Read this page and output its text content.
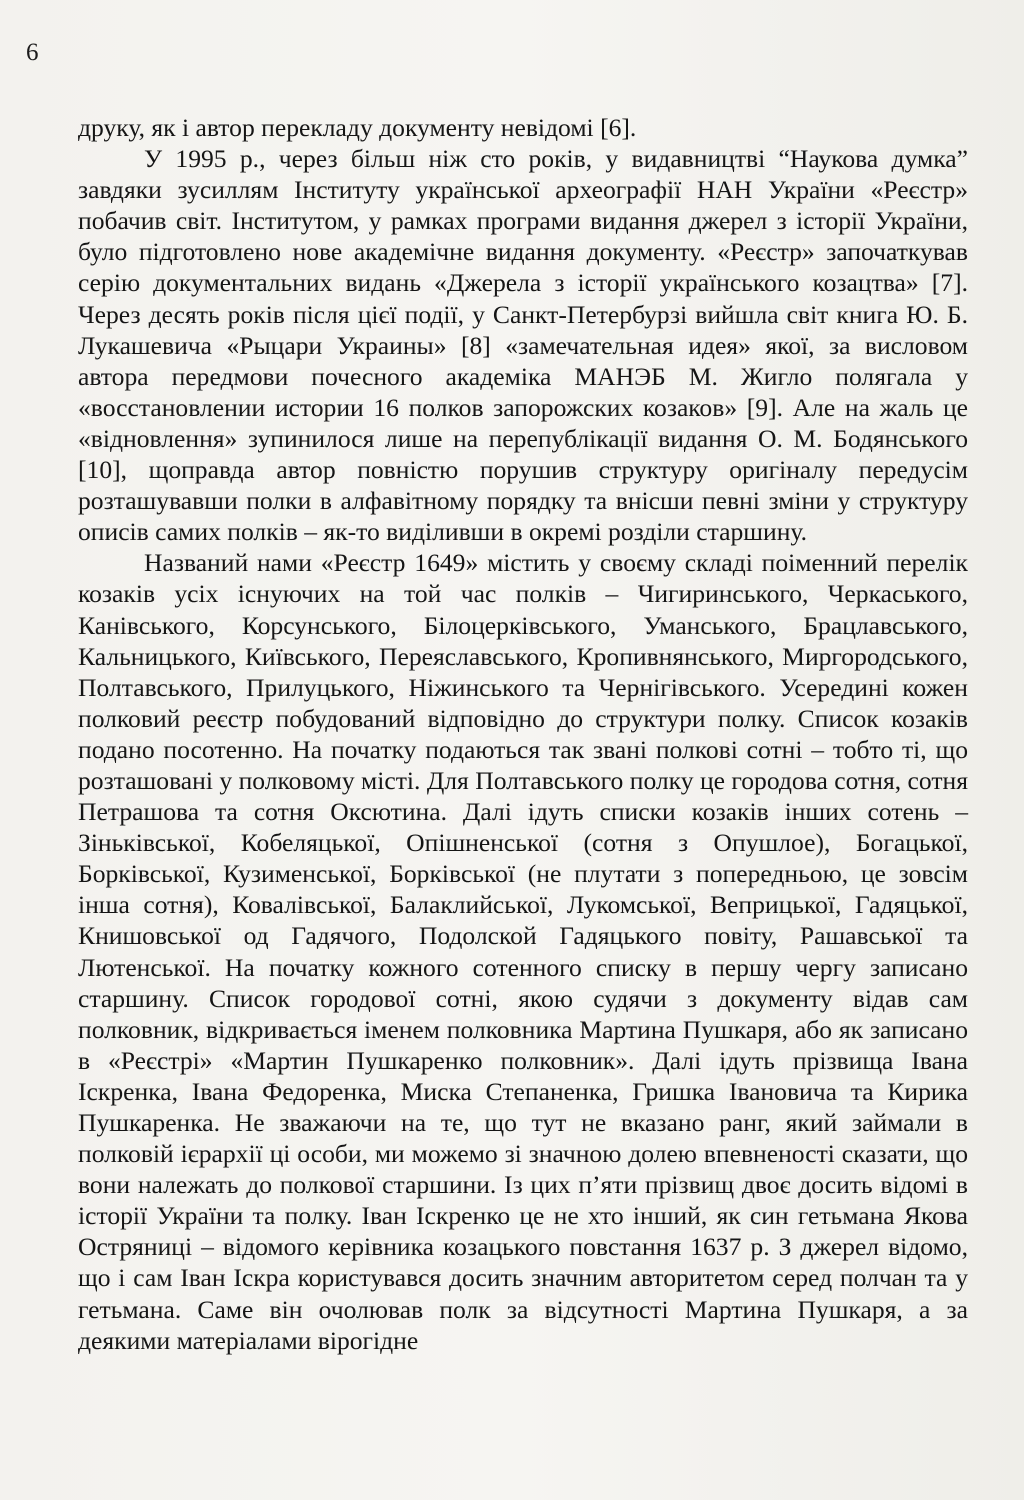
6

друку, як і автор перекладу документу невідомі [6].

У 1995 р., через більш ніж сто років, у видавництві “Наукова думка” завдяки зусиллям Інституту української археографії НАН України «Реєстр» побачив світ. Інститутом, у рамках програми видання джерел з історії України, було підготовлено нове академічне видання документу. «Реєстр» започаткував серію документальних видань «Джерела з історії українського козацтва» [7]. Через десять років після цієї події, у Санкт-Петербурзі вийшла світ книга Ю. Б. Лукашевича «Рыцари Украины» [8] «замечательная идея» якої, за висловом автора передмови почесного академіка МАНЭБ М. Жигло полягала у «восстановлении истории 16 полков запорожских козаков» [9]. Але на жаль це «відновлення» зупинилося лише на перепублікації видання О. М. Бодянського [10], щоправда автор повністю порушив структуру оригіналу передусім розташувавши полки в алфавітному порядку та внісши певні зміни у структуру описів самих полків – як-то виділивши в окремі розділи старшину.

Названий нами «Реєстр 1649» містить у своєму складі поіменний перелік козаків усіх існуючих на той час полків – Чигиринського, Черкаського, Канівського, Корсунського, Білоцерківського, Уманського, Брацлавського, Кальницького, Київського, Переяславського, Кропивнянського, Миргородського, Полтавського, Прилуцького, Ніжинського та Чернігівського. Усередині кожен полковий реєстр побудований відповідно до структури полку. Список козаків подано посотенно. На початку подаються так звані полкові сотні – тобто ті, що розташовані у полковому місті. Для Полтавського полку це городова сотня, сотня Петрашова та сотня Оксютина. Далі ідуть списки козаків інших сотень – Зіньківської, Кобеляцької, Опішненської (сотня з Опушлое), Богацької, Борківської, Кузименської, Борківської (не плутати з попередньою, це зовсім інша сотня), Ковалівської, Балаклийської, Лукомської, Веприцької, Гадяцької, Книшовської од Гадячого, Подолской Гадяцького повіту, Рашавської та Лютенської. На початку кожного сотенного списку в першу чергу записано старшину. Список городової сотні, якою судячи з документу відав сам полковник, відкривається іменем полковника Мартина Пушкаря, або як записано в «Реєстрі» «Мартин Пушкаренко полковник». Далі ідуть прізвища Івана Іскренка, Івана Федоренка, Миска Степаненка, Гришка Івановича та Кирика Пушкаренка. Не зважаючи на те, що тут не вказано ранг, який займали в полковій ієрархії ці особи, ми можемо зі значною долею впевненості сказати, що вони належать до полкової старшини. Із цих п’яти прізвищ двоє досить відомі в історії України та полку. Іван Іскренко це не хто інший, як син гетьмана Якова Остряниці – відомого керівника козацького повстання 1637 р. З джерел відомо, що і сам Іван Іскра користувався досить значним авторитетом серед полчан та у гетьмана. Саме він очолював полк за відсутності Мартина Пушкаря, а за деякими матеріалами вірогідне
